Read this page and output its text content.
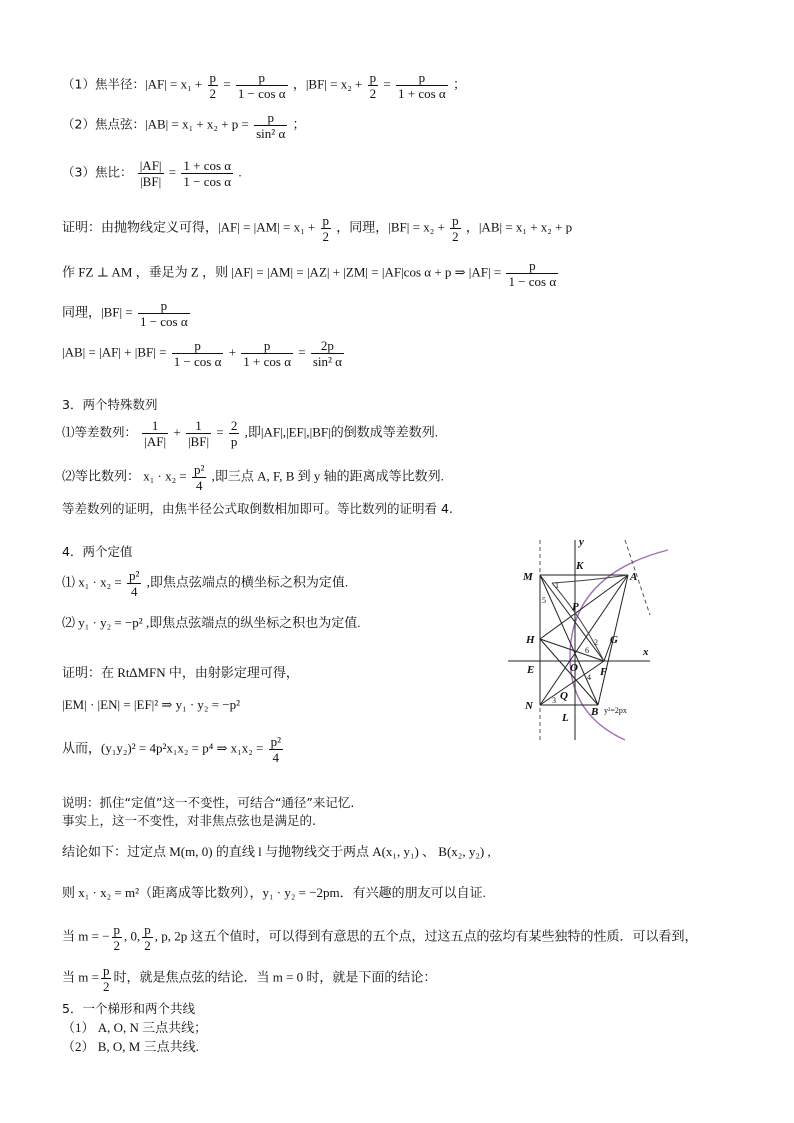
（1）焦半径：$|AF| = x_1 + \frac{p}{2} = \frac{p}{\text{1 − cos α}}$ ，$|BF| = x_2 + \frac{p}{2} = \frac{p}{\text{1 + cos α}}$ ；
（2）焦点弦：$|AB| = x_1 + x_2 + p = \frac{p}{\text{sin² α}}$ ；
（3）焦比： $\frac{|AF|}{|BF|} = \frac{\text{1 + cos α}}{\text{1 − cos α}}$ .
证明：由抛物线定义可得，$|AF| = |AM| = x_1 + \frac{p}{2}$ ，同理，$|BF| = x_2 + \frac{p}{2}$ ，|AB| = x₁ + x₂ + p
作 FZ ⊥ AM ，垂足为 Z ，则 |AF| = |AM| = |AZ| + |ZM| = |AF|cos α + p ⇒ $|AF| = \frac{p}{\text{1 − cos α}}$
同理，$|BF| = \frac{p}{\text{1 − cos α}}$
$|AB| = |AF| + |BF| = \frac{p}{\text{1 − cos α}} + \frac{p}{\text{1 + cos α}} = \frac{2p}{\text{sin² α}}$
3．两个特殊数列
⑴等差数列： $\frac{1}{|AF|} + \frac{1}{|BF|} = \frac{2}{p}$ ,即|AF|,|EF|,|BF|的倒数成等差数列.
⑵等比数列： $x_1 \cdot x_2 = \frac{\text{p²}}{4}$ ,即三点 A, F, B 到 y 轴的距离成等比数列.
等差数列的证明，由焦半径公式取倒数相加即可。等比数列的证明看 4.
4．两个定值
⑴ $x_1 \cdot x_2 = \frac{\text{p²}}{4}$ ,即焦点弦端点的横坐标之积为定值.
⑵ y₁ · y₂ = −p² ,即焦点弦端点的纵坐标之积也为定值.
证明：在 Rt∆MFN 中，由射影定理可得，
|EM| · |EN| = |EF|² ⇒ y₁ · y₂ = −p²
从而，(y₁y₂)² = 4p²x₁x₂ = p⁴ ⇒ $x_1x_2 = \frac{\text{p²}}{4}$
说明：抓住“定值”这一不变性，可结合“通径”来记忆.
事实上，这一不变性，对非焦点弦也是满足的.
结论如下：过定点 M(m, 0) 的直线 l 与抛物线交于两点 A(x₁, y₁) 、 B(x₂, y₂) ,
则 x₁ · x₂ = m²（距离成等比数列），y₁ · y₂ = −2pm．有兴趣的朋友可以自证.
当 m = − $\frac{p}{2}$ , 0, $\frac{p}{2}$ , p, 2p 这五个值时，可以得到有意思的五个点，过这五点的弦均有某些独特的性质．可以看到，
当 $m = \frac{p}{2}$ 时，就是焦点弦的结论．当 m = 0 时，就是下面的结论：
5．一个梯形和两个共线
（1） A, O, N 三点共线；
（2） B, O, M 三点共线.
y
x
M
K
A
P
G
H
E	O F
Q
N
L B
1
5
2
6
4
3
y²=2px
